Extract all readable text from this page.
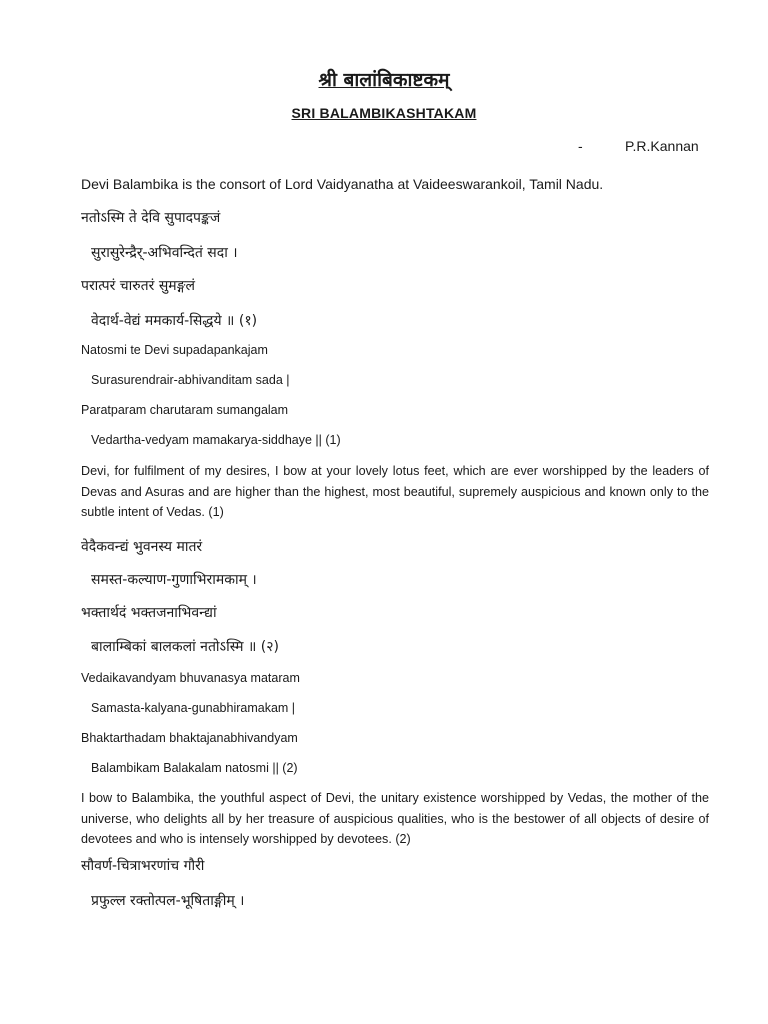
श्री बालांबिकाष्टकम्
SRI BALAMBIKASHTAKAM
-	P.R.Kannan
Devi Balambika is the consort of Lord Vaidyanatha at Vaideeswarankoil, Tamil Nadu.
नतोऽस्मि ते देवि सुपादपङ्कजं
सुरासुरेन्द्रैर्-अभिवन्दितं सदा ।
परात्परं चारुतरं सुमङ्गलं
वेदार्थ-वेद्यं ममकार्य-सिद्धये ॥ (१)
Natosmi te Devi supadapankajam
Surasurendrair-abhivanditam sada |
Paratparam charutaram sumangalam
Vedartha-vedyam mamakarya-siddhaye || (1)
Devi, for fulfilment of my desires, I bow at your lovely lotus feet, which are ever worshipped by the leaders of Devas and Asuras and are higher than the highest, most beautiful, supremely auspicious and known only to the subtle intent of Vedas. (1)
वेदैकवन्द्यं भुवनस्य मातरं
समस्त-कल्याण-गुणाभिरामकाम् ।
भक्तार्थदं भक्तजनाभिवन्द्यां
बालाम्बिकां बालकलां नतोऽस्मि ॥ (२)
Vedaikavandyam bhuvanasya mataram
Samasta-kalyana-gunabhiramakam |
Bhaktarthadam bhaktajanabhivandyam
Balambikam Balakalam natosmi || (2)
I bow to Balambika, the youthful aspect of Devi, the unitary existence worshipped by Vedas, the mother of the universe, who delights all by her treasure of auspicious qualities, who is the bestower of all objects of desire of devotees and who is intensely worshipped by devotees. (2)
सौवर्ण-चित्राभरणांच गौरी
प्रफुल्ल रक्तोत्पल-भूषिताङ्गीम् ।
